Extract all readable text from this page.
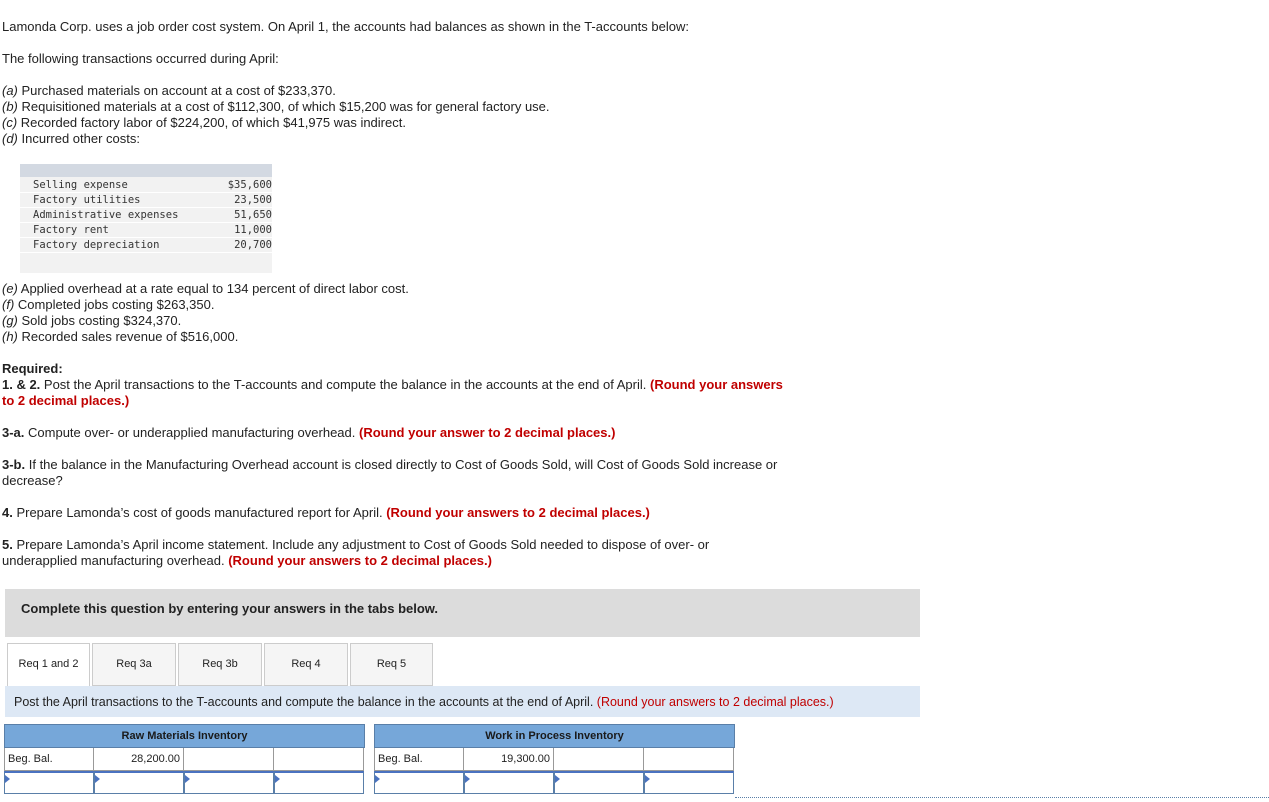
Lamonda Corp. uses a job order cost system. On April 1, the accounts had balances as shown in the T-accounts below:
The following transactions occurred during April:
(a) Purchased materials on account at a cost of $233,370.
(b) Requisitioned materials at a cost of $112,300, of which $15,200 was for general factory use.
(c) Recorded factory labor of $224,200, of which $41,975 was indirect.
(d) Incurred other costs:
Selling expense	$35,600
Factory utilities	23,500
Administrative expenses	51,650
Factory rent	11,000
Factory depreciation	20,700
(e) Applied overhead at a rate equal to 134 percent of direct labor cost.
(f) Completed jobs costing $263,350.
(g) Sold jobs costing $324,370.
(h) Recorded sales revenue of $516,000.
Required:
1. & 2. Post the April transactions to the T-accounts and compute the balance in the accounts at the end of April. (Round your answers
to 2 decimal places.)
3-a. Compute over- or underapplied manufacturing overhead. (Round your answer to 2 decimal places.)
3-b. If the balance in the Manufacturing Overhead account is closed directly to Cost of Goods Sold, will Cost of Goods Sold increase or
decrease?
4. Prepare Lamonda’s cost of goods manufactured report for April. (Round your answers to 2 decimal places.)
5. Prepare Lamonda’s April income statement. Include any adjustment to Cost of Goods Sold needed to dispose of over- or
underapplied manufacturing overhead. (Round your answers to 2 decimal places.)
Complete this question by entering your answers in the tabs below.
Req 1 and 2	Req 3a	Req 3b	Req 4	Req 5
Post the April transactions to the T-accounts and compute the balance in the accounts at the end of April. (Round your answers to 2 decimal places.)
Raw Materials Inventory
Beg. Bal.	28,200.00
Work in Process Inventory
Beg. Bal.	19,300.00
